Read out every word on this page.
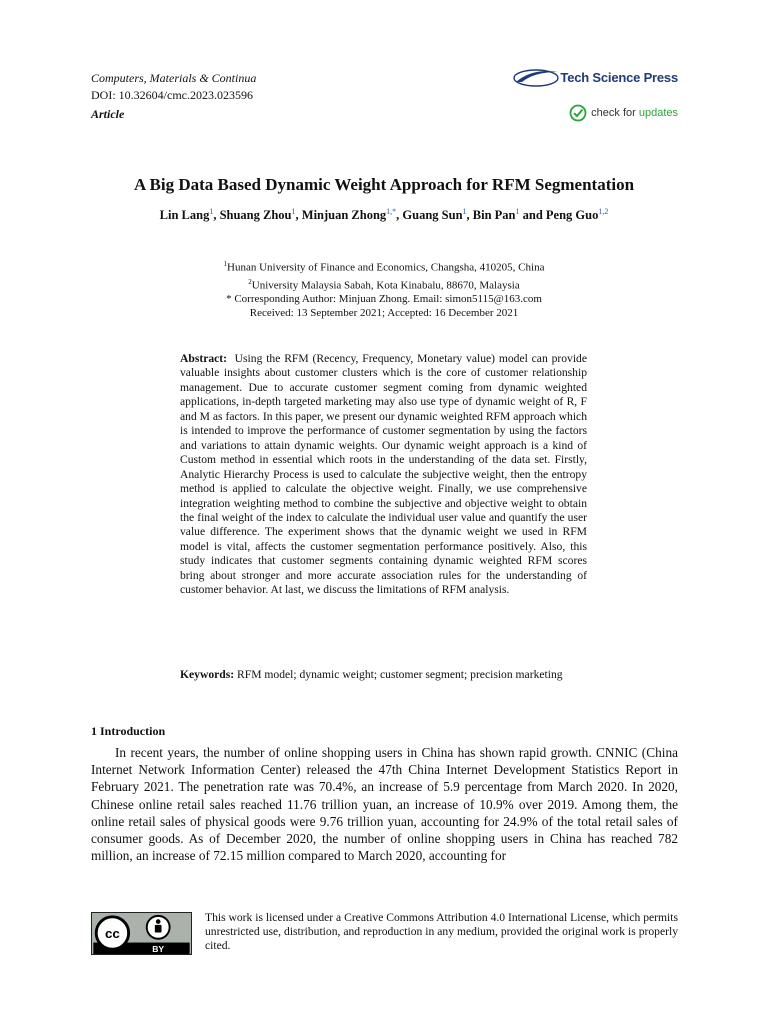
Computers, Materials & Continua
DOI: 10.32604/cmc.2023.023596
Article
Tech Science Press
check for updates
A Big Data Based Dynamic Weight Approach for RFM Segmentation
Lin Lang$^1$, Shuang Zhou$^1$, Minjuan Zhong$^{1,*}$, Guang Sun$^1$, Bin Pan$^1$ and Peng Guo$^{1,2}$
$^1$Hunan University of Finance and Economics, Changsha, 410205, China
$^2$University Malaysia Sabah, Kota Kinabalu, 88670, Malaysia
* Corresponding Author: Minjuan Zhong. Email: simon5115@163.com
Received: 13 September 2021; Accepted: 16 December 2021
Abstract: Using the RFM (Recency, Frequency, Monetary value) model can provide valuable insights about customer clusters which is the core of customer relationship management. Due to accurate customer segment coming from dynamic weighted applications, in-depth targeted marketing may also use type of dynamic weight of R, F and M as factors. In this paper, we present our dynamic weighted RFM approach which is intended to improve the performance of customer segmentation by using the factors and variations to attain dynamic weights. Our dynamic weight approach is a kind of Custom method in essential which roots in the understanding of the data set. Firstly, Analytic Hierarchy Process is used to calculate the subjective weight, then the entropy method is applied to calculate the objective weight. Finally, we use comprehensive integration weighting method to combine the subjective and objective weight to obtain the final weight of the index to calculate the individual user value and quantify the user value difference. The experiment shows that the dynamic weight we used in RFM model is vital, affects the customer segmentation performance positively. Also, this study indicates that customer segments containing dynamic weighted RFM scores bring about stronger and more accurate association rules for the understanding of customer behavior. At last, we discuss the limitations of RFM analysis.
Keywords: RFM model; dynamic weight; customer segment; precision marketing
1 Introduction
In recent years, the number of online shopping users in China has shown rapid growth. CNNIC (China Internet Network Information Center) released the 47th China Internet Development Statistics Report in February 2021. The penetration rate was 70.4%, an increase of 5.9 percentage from March 2020. In 2020, Chinese online retail sales reached 11.76 trillion yuan, an increase of 10.9% over 2019. Among them, the online retail sales of physical goods were 9.76 trillion yuan, accounting for 24.9% of the total retail sales of consumer goods. As of December 2020, the number of online shopping users in China has reached 782 million, an increase of 72.15 million compared to March 2020, accounting for
cc
BY
This work is licensed under a Creative Commons Attribution 4.0 International License, which permits unrestricted use, distribution, and reproduction in any medium, provided the original work is properly cited.
